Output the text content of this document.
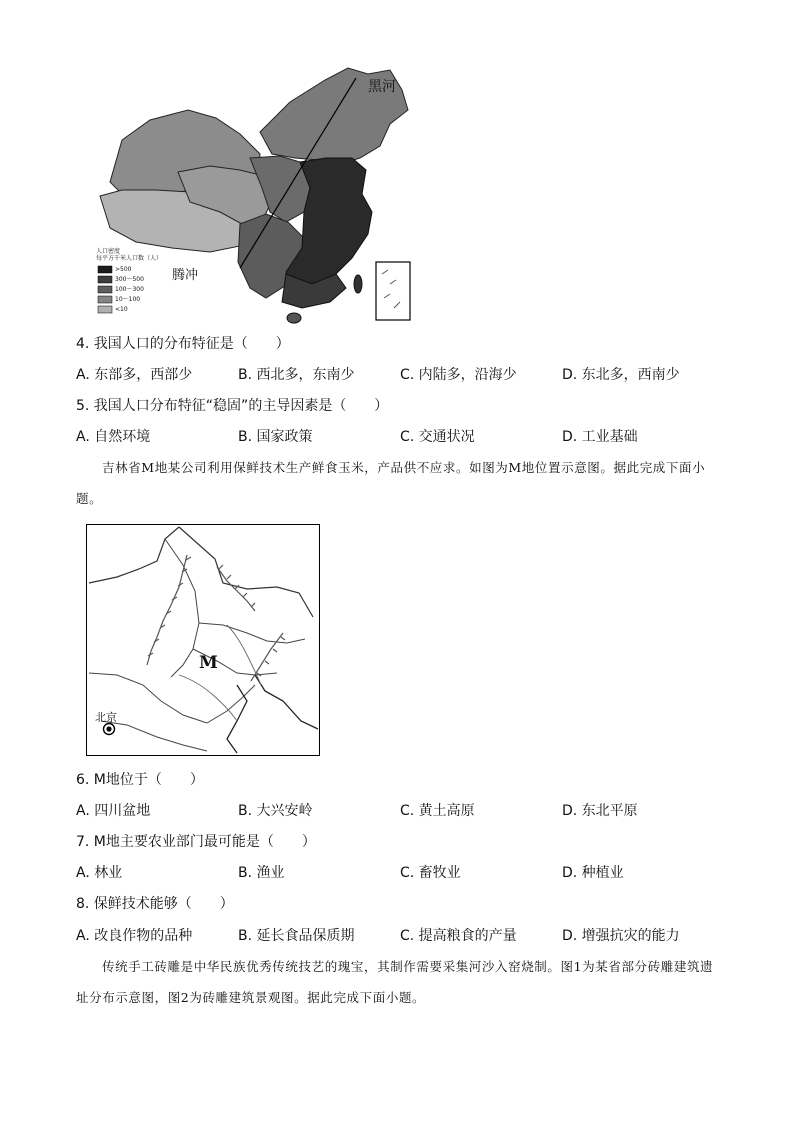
黑河
腾冲
人口密度
每平方千米人口数（人）
>500
300～500
100～300
10～100
<10
4. 我国人口的分布特征是（　　）
A. 东部多，西部少	B. 西北多，东南少	C. 内陆多，沿海少	D. 东北多，西南少
5. 我国人口分布特征“稳固”的主导因素是（　　）
A. 自然环境	B. 国家政策	C. 交通状况	D. 工业基础
吉林省M地某公司利用保鲜技术生产鲜食玉米，产品供不应求。如图为M地位置示意图。据此完成下面小题。
M
北京
6. M地位于（　　）
A. 四川盆地	B. 大兴安岭	C. 黄土高原	D. 东北平原
7. M地主要农业部门最可能是（　　）
A. 林业	B. 渔业	C. 畜牧业	D. 种植业
8. 保鲜技术能够（　　）
A. 改良作物的品种	B. 延长食品保质期	C. 提高粮食的产量	D. 增强抗灾的能力
传统手工砖雕是中华民族优秀传统技艺的瑰宝，其制作需要采集河沙入窑烧制。图1为某省部分砖雕建筑遗址分布示意图，图2为砖雕建筑景观图。据此完成下面小题。
